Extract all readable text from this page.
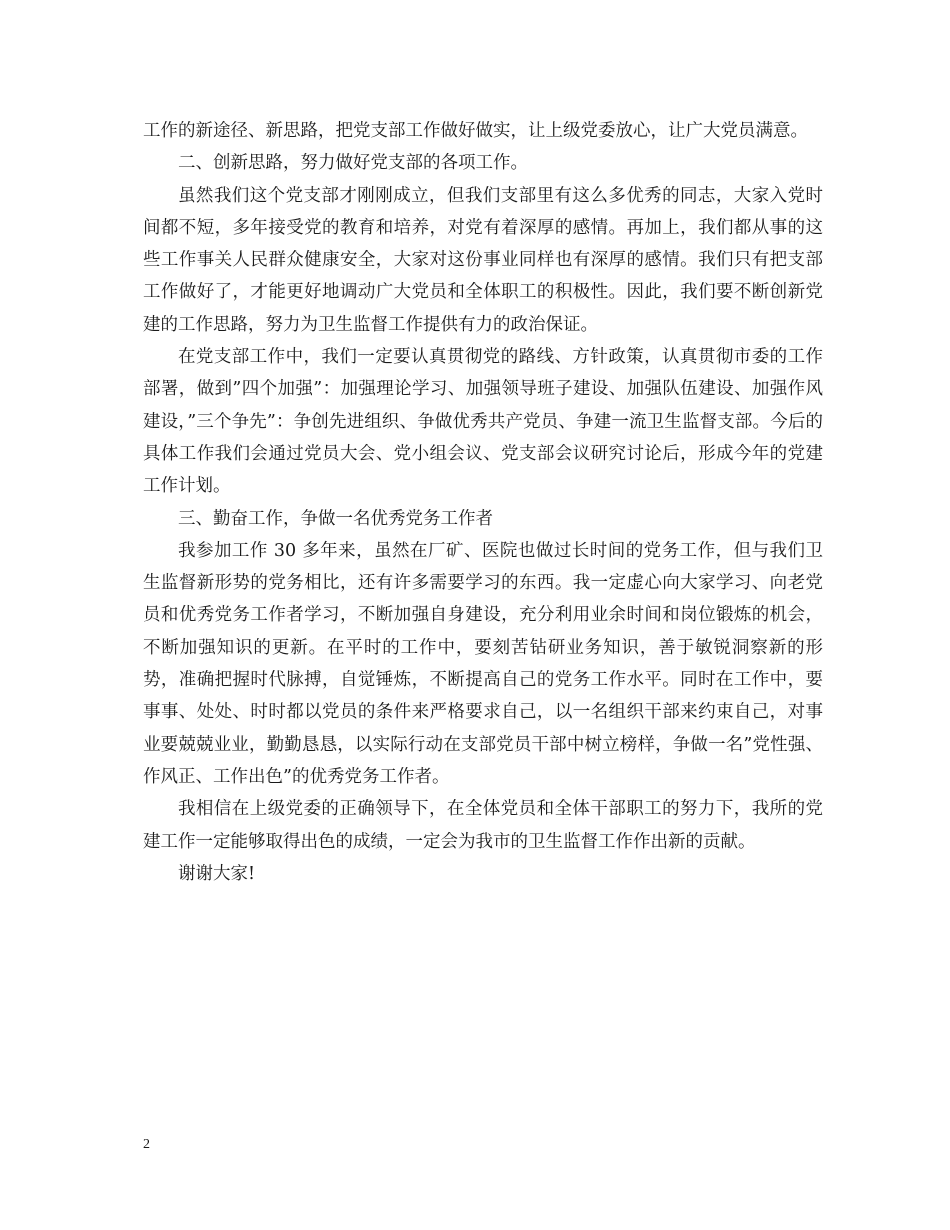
工作的新途径、新思路，把党支部工作做好做实，让上级党委放心，让广大党员满意。

二、创新思路，努力做好党支部的各项工作。

虽然我们这个党支部才刚刚成立，但我们支部里有这么多优秀的同志，大家入党时间都不短，多年接受党的教育和培养，对党有着深厚的感情。再加上，我们都从事的这些工作事关人民群众健康安全，大家对这份事业同样也有深厚的感情。我们只有把支部工作做好了，才能更好地调动广大党员和全体职工的积极性。因此，我们要不断创新党建的工作思路，努力为卫生监督工作提供有力的政治保证。

在党支部工作中，我们一定要认真贯彻党的路线、方针政策，认真贯彻市委的工作部署，做到”四个加强”：加强理论学习、加强领导班子建设、加强队伍建设、加强作风建设，”三个争先”：争创先进组织、争做优秀共产党员、争建一流卫生监督支部。今后的具体工作我们会通过党员大会、党小组会议、党支部会议研究讨论后，形成今年的党建工作计划。

三、勤奋工作，争做一名优秀党务工作者

我参加工作 30 多年来，虽然在厂矿、医院也做过长时间的党务工作，但与我们卫生监督新形势的党务相比，还有许多需要学习的东西。我一定虚心向大家学习、向老党员和优秀党务工作者学习，不断加强自身建设，充分利用业余时间和岗位锻炼的机会，不断加强知识的更新。在平时的工作中，要刻苦钻研业务知识，善于敏锐洞察新的形势，准确把握时代脉搏，自觉锤炼，不断提高自己的党务工作水平。同时在工作中，要事事、处处、时时都以党员的条件来严格要求自己，以一名组织干部来约束自己，对事业要兢兢业业，勤勤恳恳，以实际行动在支部党员干部中树立榜样，争做一名”党性强、作风正、工作出色”的优秀党务工作者。

我相信在上级党委的正确领导下，在全体党员和全体干部职工的努力下，我所的党建工作一定能够取得出色的成绩，一定会为我市的卫生监督工作作出新的贡献。

谢谢大家!

2
